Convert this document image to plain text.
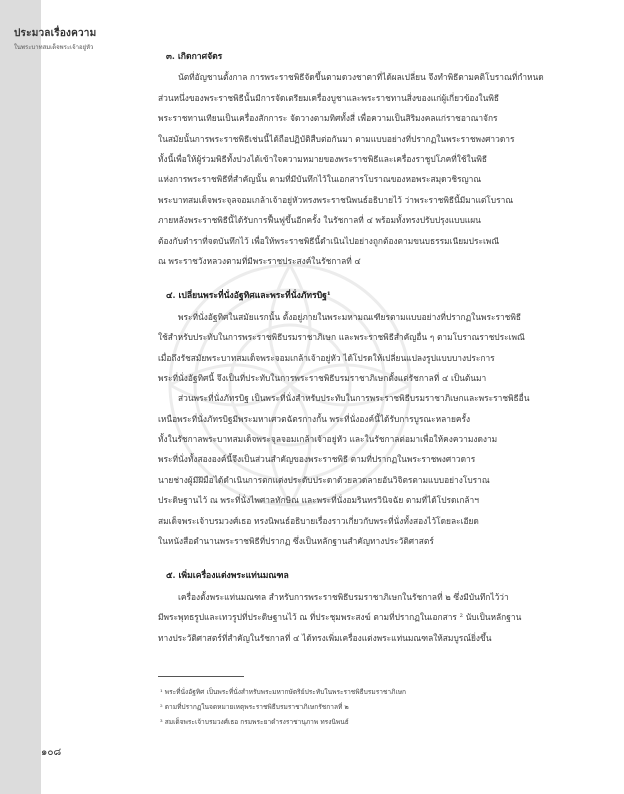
ประมวลเรื่องความ
ในพระบาทสมเด็จพระเจ้าอยู่หัว
๓. เกิดกาศจัตร
นัตที่อัญชานตั้งกาล การพระราชพิธีจัดขึ้นตามดวงชาตาที่ได้ผลเปลี่ยน จึงทำพิธีตามคติโบราณที่กำหนด
ส่วนหนึ่งของพระราชพิธีนั้นมีการจัดเตรียมเครื่องบูชาและพระราชทานสิ่งของแก่ผู้เกี่ยวข้องในพิธี
พระราชทานเทียนเป็นเครื่องสักการะ จัดวางตามทิศทั้งสี่ เพื่อความเป็นสิริมงคลแก่ราชอาณาจักร
ในสมัยนั้นการพระราชพิธีเช่นนี้ได้ถือปฏิบัติสืบต่อกันมา ตามแบบอย่างที่ปรากฏในพระราชพงศาวดาร
ทั้งนี้เพื่อให้ผู้ร่วมพิธีทั้งปวงได้เข้าใจความหมายของพระราชพิธีและเครื่องราชูปโภคที่ใช้ในพิธี
แห่งการพระราชพิธีที่สำคัญนั้น ตามที่มีบันทึกไว้ในเอกสารโบราณของหอพระสมุดวชิรญาณ
พระบาทสมเด็จพระจุลจอมเกล้าเจ้าอยู่หัวทรงพระราชนิพนธ์อธิบายไว้ ว่าพระราชพิธีนี้มีมาแต่โบราณ
ภายหลังพระราชพิธีนี้ได้รับการฟื้นฟูขึ้นอีกครั้ง ในรัชกาลที่ ๔ พร้อมทั้งทรงปรับปรุงแบบแผน
ต้องกับตำราที่จดบันทึกไว้ เพื่อให้พระราชพิธีนี้ดำเนินไปอย่างถูกต้องตามขนบธรรมเนียมประเพณี
ณ พระราชวังหลวงตามที่มีพระราชประสงค์ในรัชกาลที่ ๔
๔. เปลี่ยนพระที่นั่งอัฐทิศและพระที่นั่งภัทรบิฐ¹
พระที่นั่งอัฐทิศในสมัยแรกนั้น ตั้งอยู่ภายในพระมหามณเฑียรตามแบบอย่างที่ปรากฏในพระราชพิธี
ใช้สำหรับประทับในการพระราชพิธีบรมราชาภิเษก และพระราชพิธีสำคัญอื่น ๆ ตามโบราณราชประเพณี
เมื่อถึงรัชสมัยพระบาทสมเด็จพระจอมเกล้าเจ้าอยู่หัว ได้โปรดให้เปลี่ยนแปลงรูปแบบบางประการ
พระที่นั่งอัฐทิศนี้ จึงเป็นที่ประทับในการพระราชพิธีบรมราชาภิเษกตั้งแต่รัชกาลที่ ๔ เป็นต้นมา
ส่วนพระที่นั่งภัทรบิฐ เป็นพระที่นั่งสำหรับประทับในการพระราชพิธีบรมราชาภิเษกและพระราชพิธีอื่น
เหนือพระที่นั่งภัทรบิฐมีพระมหาเศวตฉัตรกางกั้น พระที่นั่งองค์นี้ได้รับการบูรณะหลายครั้ง
ทั้งในรัชกาลพระบาทสมเด็จพระจุลจอมเกล้าเจ้าอยู่หัว และในรัชกาลต่อมาเพื่อให้คงความงดงาม
พระที่นั่งทั้งสององค์นี้จึงเป็นส่วนสำคัญของพระราชพิธี ตามที่ปรากฏในพระราชพงศาวดาร
นายช่างผู้มีฝีมือได้ดำเนินการตกแต่งประดับประดาด้วยลวดลายอันวิจิตรตามแบบอย่างโบราณ
ประดิษฐานไว้ ณ พระที่นั่งไพศาลทักษิณ และพระที่นั่งอมรินทรวินิจฉัย ตามที่ได้โปรดเกล้าฯ
สมเด็จพระเจ้าบรมวงศ์เธอ ทรงนิพนธ์อธิบายเรื่องราวเกี่ยวกับพระที่นั่งทั้งสองไว้โดยละเอียด
ในหนังสือตำนานพระราชพิธีที่ปรากฏ ซึ่งเป็นหลักฐานสำคัญทางประวัติศาสตร์
๕. เพิ่มเครื่องแต่งพระแท่นมณฑล
เครื่องตั้งพระแท่นมณฑล สำหรับการพระราชพิธีบรมราชาภิเษกในรัชกาลที่ ๒ ซึ่งมีบันทึกไว้ว่า
มีพระพุทธรูปและเทวรูปที่ประดิษฐานไว้ ณ ที่ประชุมพระสงฆ์ ตามที่ปรากฏในเอกสาร ² นับเป็นหลักฐาน
ทางประวัติศาสตร์ที่สำคัญในรัชกาลที่ ๔ ได้ทรงเพิ่มเครื่องแต่งพระแท่นมณฑลให้สมบูรณ์ยิ่งขึ้น
¹ พระที่นั่งอัฐทิศ เป็นพระที่นั่งสำหรับพระมหากษัตริย์ประทับในพระราชพิธีบรมราชาภิเษก
² ตามที่ปรากฏในจดหมายเหตุพระราชพิธีบรมราชาภิเษกรัชกาลที่ ๒
³ สมเด็จพระเจ้าบรมวงศ์เธอ กรมพระยาดำรงราชานุภาพ ทรงนิพนธ์
๑๐๘
